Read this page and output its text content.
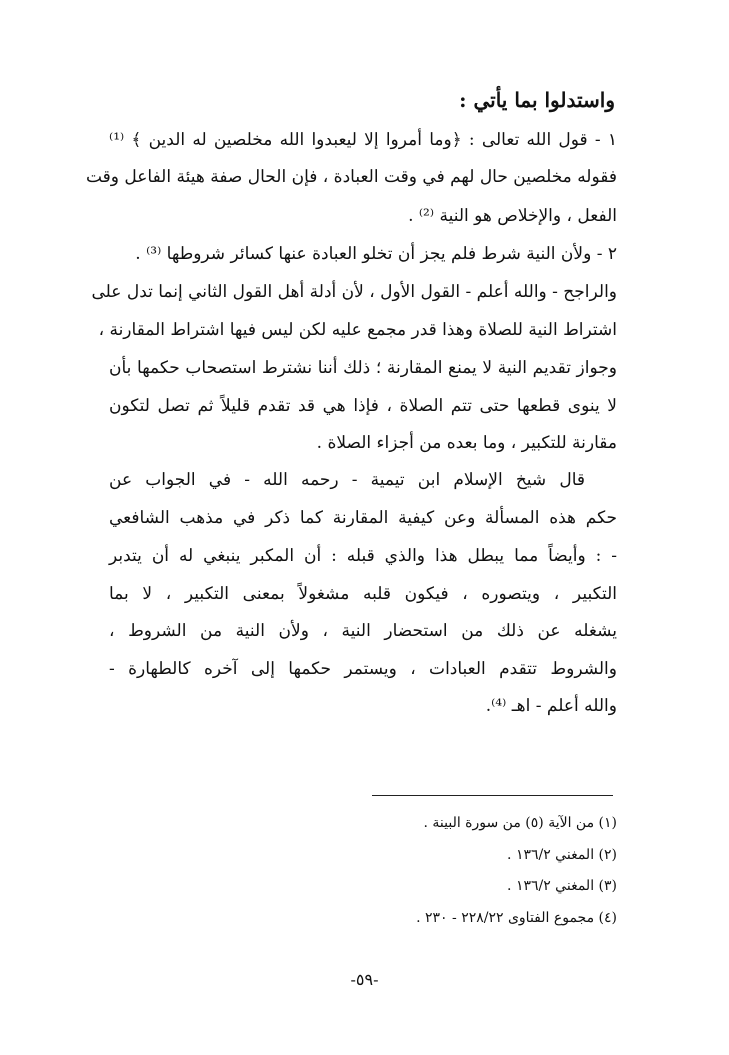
واستدلوا بما يأتي :
١ - قول الله تعالى : ﴿وما أمروا إلا ليعبدوا الله مخلصين له الدين ﴾ ⁽¹⁾
فقوله مخلصين حال لهم في وقت العبادة ، فإن الحال صفة هيئة الفاعل وقت
الفعل ، والإخلاص هو النية ⁽²⁾ .
٢ - ولأن النية شرط فلم يجز أن تخلو العبادة عنها كسائر شروطها ⁽³⁾ .
والراجح - والله أعلم - القول الأول ، لأن أدلة أهل القول الثاني إنما تدل على
اشتراط النية للصلاة وهذا قدر مجمع عليه لكن ليس فيها اشتراط المقارنة ،
وجواز تقديم النية لا يمنع المقارنة ؛ ذلك أننا نشترط استصحاب حكمها بأن
لا ينوى قطعها حتى تتم الصلاة ، فإذا هي قد تقدم قليلاً ثم تصل لتكون
مقارنة للتكبير ، وما بعده من أجزاء الصلاة .
قال شيخ الإسلام ابن تيمية - رحمه الله - في الجواب عن
حكم هذه المسألة وعن كيفية المقارنة كما ذكر في مذهب الشافعي
- : وأيضاً مما يبطل هذا والذي قبله : أن المكبر ينبغي له أن يتدبر
التكبير ، ويتصوره ، فيكون قلبه مشغولاً بمعنى التكبير ، لا بما
يشغله عن ذلك من استحضار النية ، ولأن النية من الشروط ،
والشروط تتقدم العبادات ، ويستمر حكمها إلى آخره كالطهارة -
والله أعلم - اهـ ⁽⁴⁾.
(١) من الآية (٥) من سورة البينة .
(٢) المغني ١٣٦/٢ .
(٣) المغني ١٣٦/٢ .
(٤) مجموع الفتاوى ٢٢٨/٢٢ - ٢٣٠ .
-٥٩-
